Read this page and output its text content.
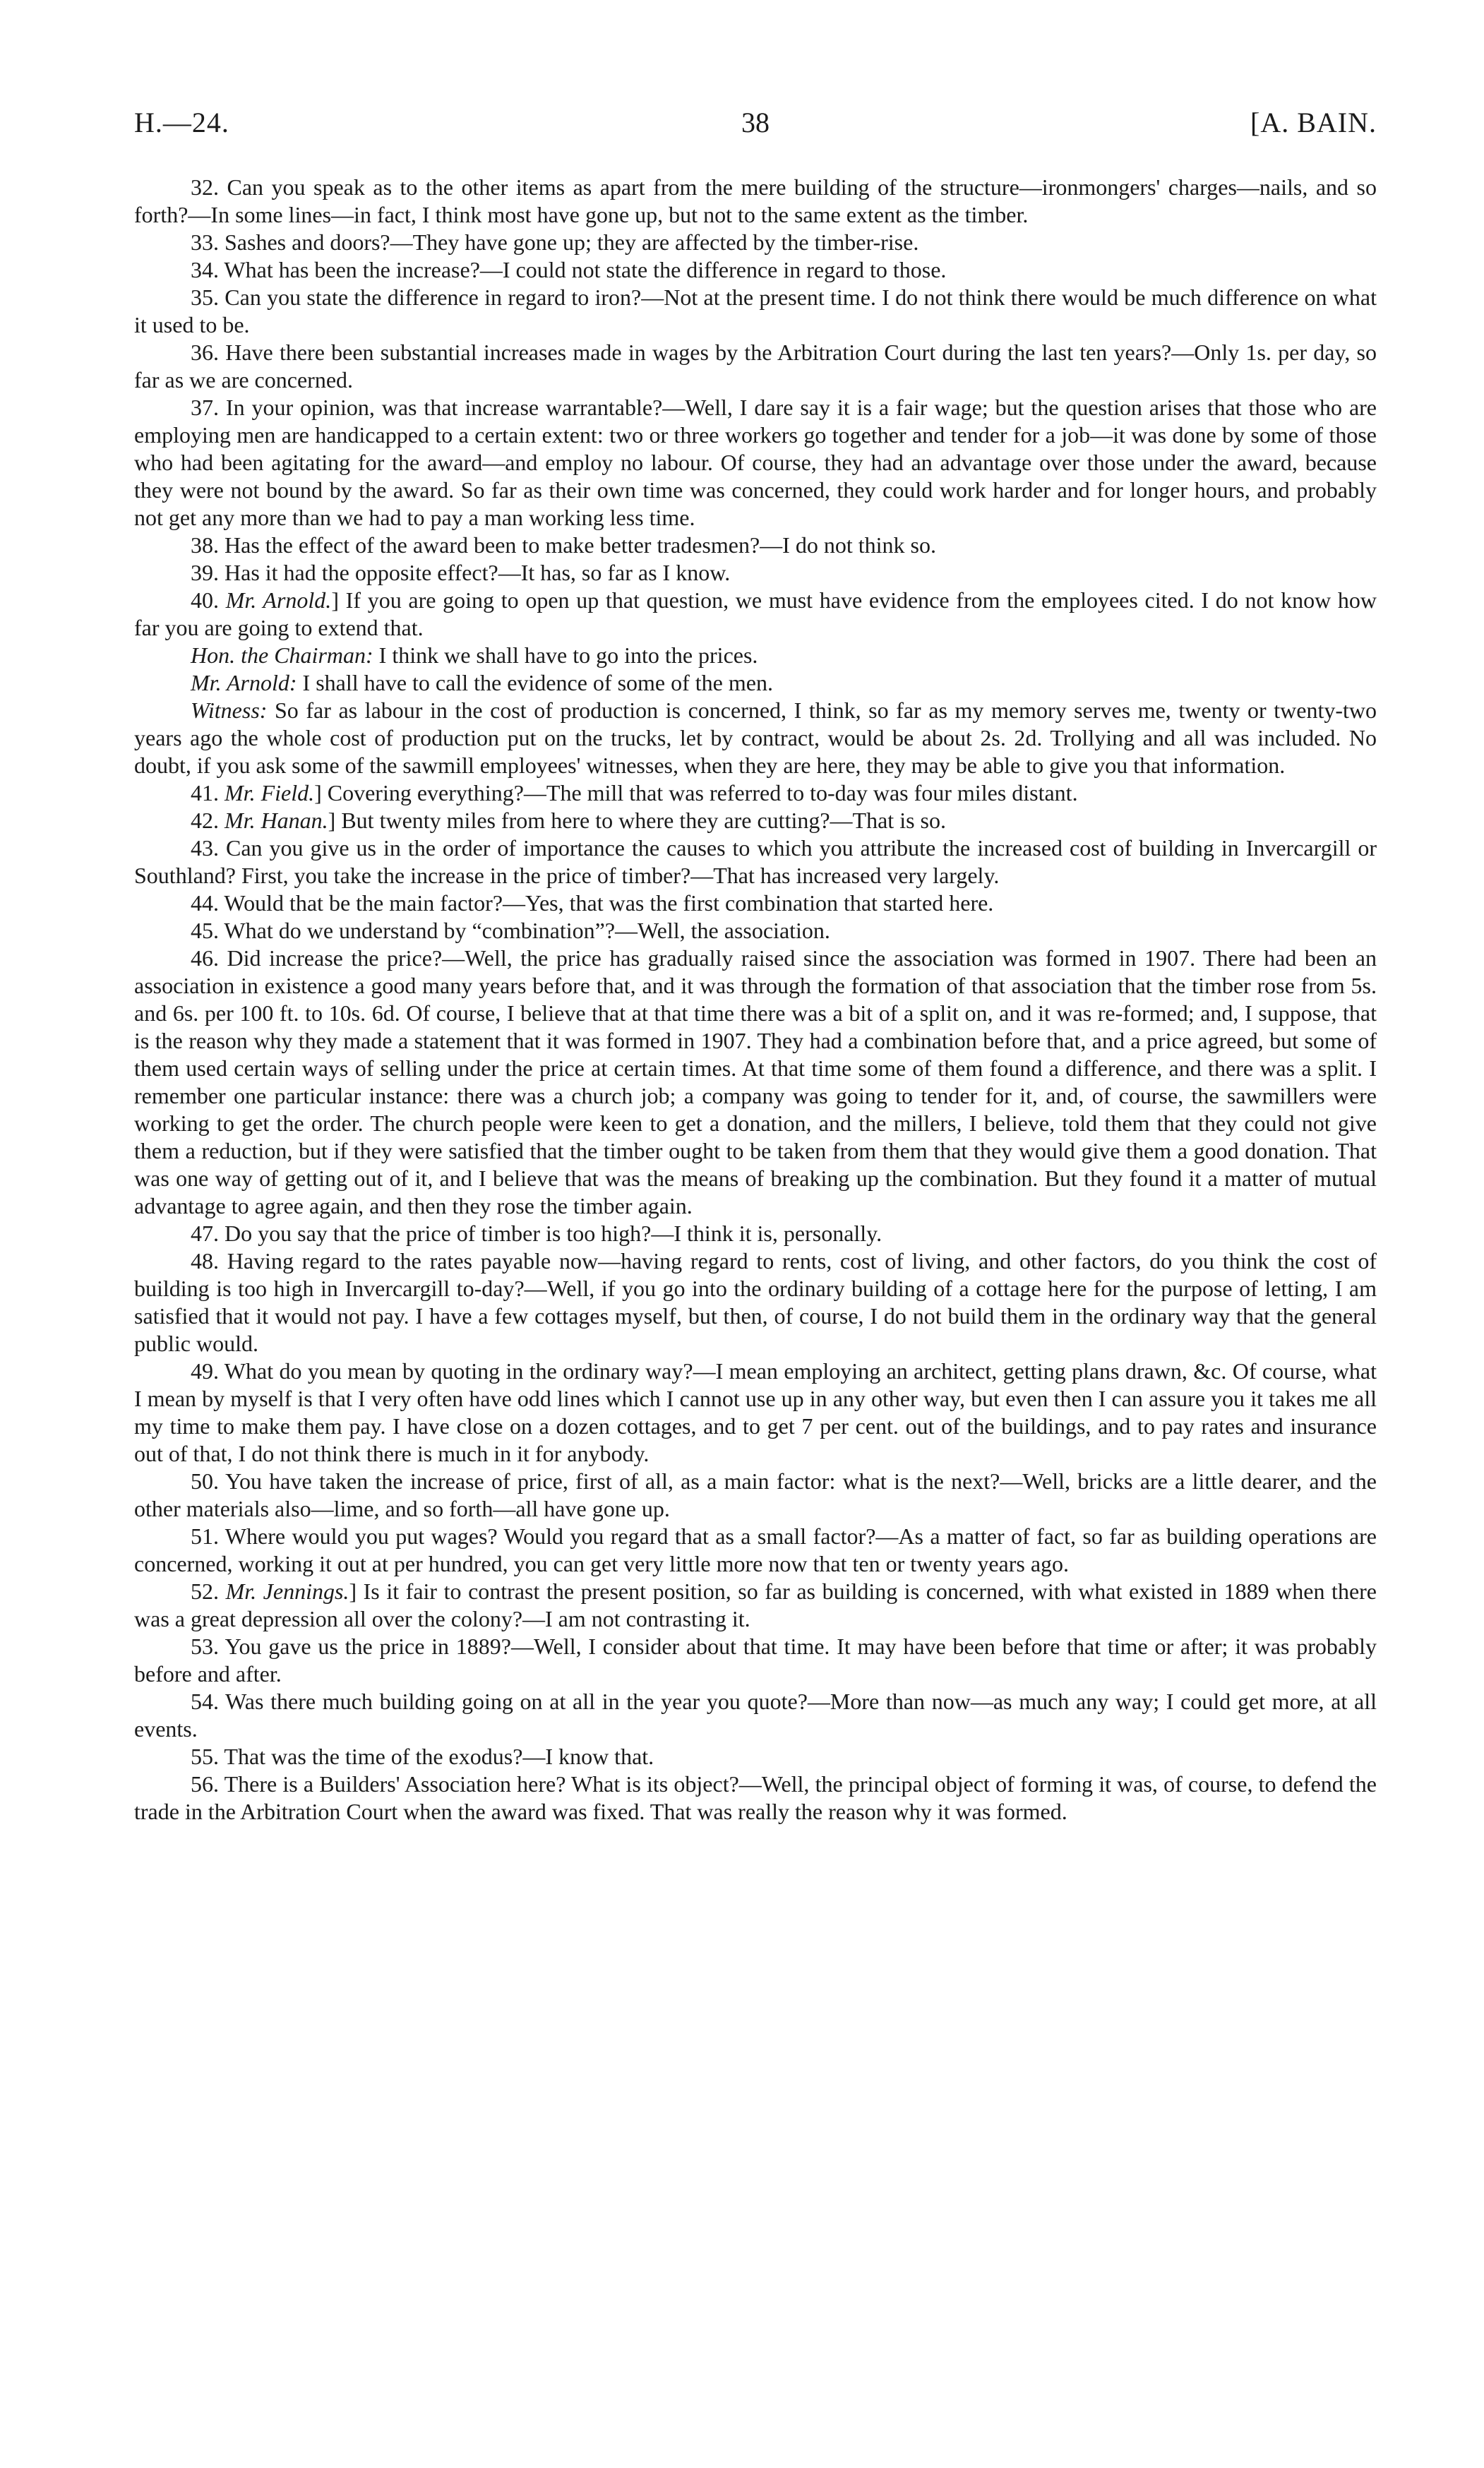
H.—24.	38	[A. BAIN.

32. Can you speak as to the other items as apart from the mere building of the structure—ironmongers' charges—nails, and so forth?—In some lines—in fact, I think most have gone up, but not to the same extent as the timber.

33. Sashes and doors?—They have gone up; they are affected by the timber-rise.

34. What has been the increase?—I could not state the difference in regard to those.

35. Can you state the difference in regard to iron?—Not at the present time. I do not think there would be much difference on what it used to be.

36. Have there been substantial increases made in wages by the Arbitration Court during the last ten years?—Only 1s. per day, so far as we are concerned.

37. In your opinion, was that increase warrantable?—Well, I dare say it is a fair wage; but the question arises that those who are employing men are handicapped to a certain extent: two or three workers go together and tender for a job—it was done by some of those who had been agitating for the award—and employ no labour. Of course, they had an advantage over those under the award, because they were not bound by the award. So far as their own time was concerned, they could work harder and for longer hours, and probably not get any more than we had to pay a man working less time.

38. Has the effect of the award been to make better tradesmen?—I do not think so.

39. Has it had the opposite effect?—It has, so far as I know.

40. Mr. Arnold.] If you are going to open up that question, we must have evidence from the employees cited. I do not know how far you are going to extend that.

Hon. the Chairman: I think we shall have to go into the prices.

Mr. Arnold: I shall have to call the evidence of some of the men.

Witness: So far as labour in the cost of production is concerned, I think, so far as my memory serves me, twenty or twenty-two years ago the whole cost of production put on the trucks, let by contract, would be about 2s. 2d. Trollying and all was included. No doubt, if you ask some of the sawmill employees' witnesses, when they are here, they may be able to give you that information.

41. Mr. Field.] Covering everything?—The mill that was referred to to-day was four miles distant.

42. Mr. Hanan.] But twenty miles from here to where they are cutting?—That is so.

43. Can you give us in the order of importance the causes to which you attribute the increased cost of building in Invercargill or Southland? First, you take the increase in the price of timber?—That has increased very largely.

44. Would that be the main factor?—Yes, that was the first combination that started here.

45. What do we understand by “combination”?—Well, the association.

46. Did increase the price?—Well, the price has gradually raised since the association was formed in 1907. There had been an association in existence a good many years before that, and it was through the formation of that association that the timber rose from 5s. and 6s. per 100 ft. to 10s. 6d. Of course, I believe that at that time there was a bit of a split on, and it was re-formed; and, I suppose, that is the reason why they made a statement that it was formed in 1907. They had a combination before that, and a price agreed, but some of them used certain ways of selling under the price at certain times. At that time some of them found a difference, and there was a split. I remember one particular instance: there was a church job; a company was going to tender for it, and, of course, the sawmillers were working to get the order. The church people were keen to get a donation, and the millers, I believe, told them that they could not give them a reduction, but if they were satisfied that the timber ought to be taken from them that they would give them a good donation. That was one way of getting out of it, and I believe that was the means of breaking up the combination. But they found it a matter of mutual advantage to agree again, and then they rose the timber again.

47. Do you say that the price of timber is too high?—I think it is, personally.

48. Having regard to the rates payable now—having regard to rents, cost of living, and other factors, do you think the cost of building is too high in Invercargill to-day?—Well, if you go into the ordinary building of a cottage here for the purpose of letting, I am satisfied that it would not pay. I have a few cottages myself, but then, of course, I do not build them in the ordinary way that the general public would.

49. What do you mean by quoting in the ordinary way?—I mean employing an architect, getting plans drawn, &c. Of course, what I mean by myself is that I very often have odd lines which I cannot use up in any other way, but even then I can assure you it takes me all my time to make them pay. I have close on a dozen cottages, and to get 7 per cent. out of the buildings, and to pay rates and insurance out of that, I do not think there is much in it for anybody.

50. You have taken the increase of price, first of all, as a main factor: what is the next?—Well, bricks are a little dearer, and the other materials also—lime, and so forth—all have gone up.

51. Where would you put wages? Would you regard that as a small factor?—As a matter of fact, so far as building operations are concerned, working it out at per hundred, you can get very little more now that ten or twenty years ago.

52. Mr. Jennings.] Is it fair to contrast the present position, so far as building is concerned, with what existed in 1889 when there was a great depression all over the colony?—I am not contrasting it.

53. You gave us the price in 1889?—Well, I consider about that time. It may have been before that time or after; it was probably before and after.

54. Was there much building going on at all in the year you quote?—More than now—as much any way; I could get more, at all events.

55. That was the time of the exodus?—I know that.

56. There is a Builders' Association here? What is its object?—Well, the principal object of forming it was, of course, to defend the trade in the Arbitration Court when the award was fixed. That was really the reason why it was formed.
